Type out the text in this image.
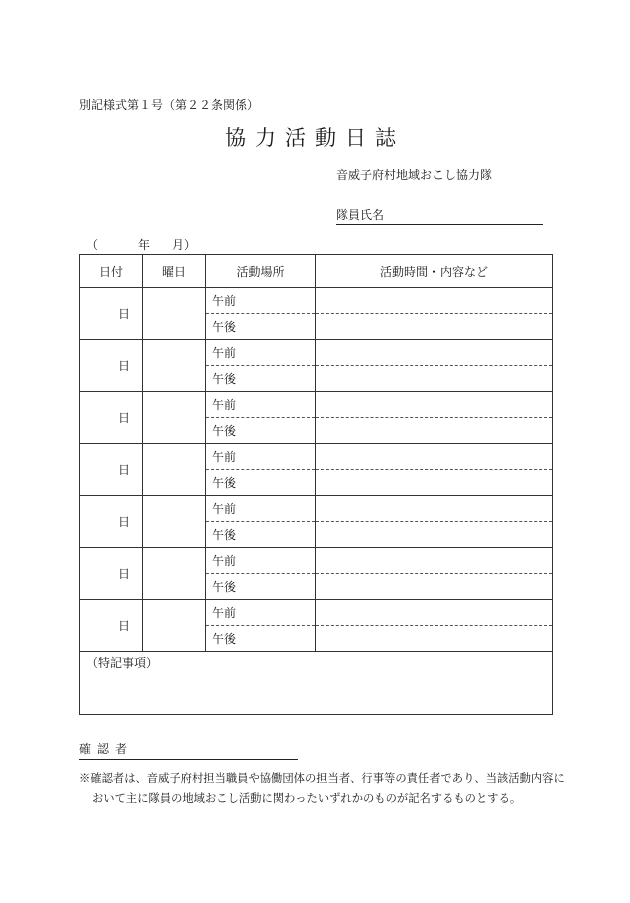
別記様式第１号（第２２条関係）
協力活動日誌
音威子府村地域おこし協力隊
隊員氏名
（	年 月）
日付	曜日	活動場所	活動時間・内容など
日		午前	
		午後	
日		午前	
		午後	
日		午前	
		午後	
日		午前	
		午後	
日		午前	
		午後	
日		午前	
		午後	
日		午前	
		午後	
（特記事項）			
確認者
※確認者は、音威子府村担当職員や協働団体の担当者、行事等の責任者であり、当該活動内容に
おいて主に隊員の地域おこし活動に関わったいずれかのものが記名するものとする。
